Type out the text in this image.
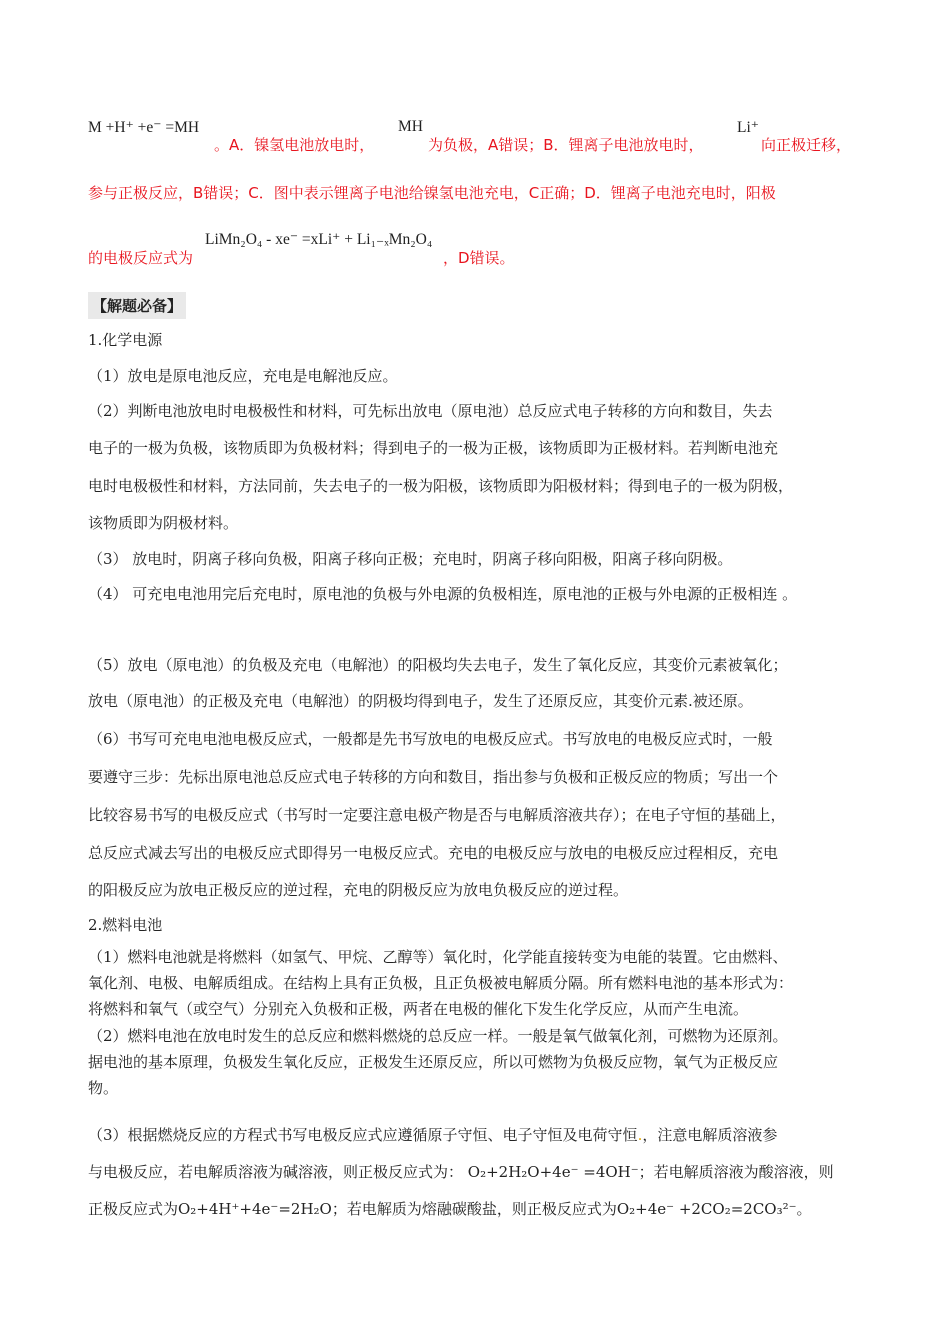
M +H⁺ +e⁻ =MH
。A．镍氢电池放电时，
MH
为负极，A错误；B．锂离子电池放电时，
Li⁺
向正极迁移，
参与正极反应，B错误；C．图中表示锂离子电池给镍氢电池充电，C正确；D．锂离子电池充电时，阳极
的电极反应式为
LiMn₂O₄ - xe⁻ =xLi⁺ + Li₁₋ₓMn₂O₄
，D错误。
【解题必备】
1.化学电源
（1）放电是原电池反应，充电是电解池反应。
（2）判断电池放电时电极极性和材料，可先标出放电（原电池）总反应式电子转移的方向和数目，失去
电子的一极为负极，该物质即为负极材料；得到电子的一极为正极，该物质即为正极材料。若判断电池充
电时电极极性和材料，方法同前，失去电子的一极为阳极，该物质即为阳极材料；得到电子的一极为阴极，
该物质即为阴极材料。
（3） 放电时，阴离子移向负极，阳离子移向正极；充电时，阴离子移向阳极，阳离子移向阴极。
（4） 可充电电池用完后充电时，原电池的负极与外电源的负极相连，原电池的正极与外电源的正极相连 。
（5）放电（原电池）的负极及充电（电解池）的阳极均失去电子，发生了氧化反应，其变价元素被氧化；
放电（原电池）的正极及充电（电解池）的阴极均得到电子，发生了还原反应，其变价元素.被还原。
（6）书写可充电电池电极反应式，一般都是先书写放电的电极反应式。书写放电的电极反应式时，一般
要遵守三步：先标出原电池总反应式电子转移的方向和数目，指出参与负极和正极反应的物质；写出一个
比较容易书写的电极反应式（书写时一定要注意电极产物是否与电解质溶液共存）；在电子守恒的基础上，
总反应式减去写出的电极反应式即得另一电极反应式。充电的电极反应与放电的电极反应过程相反，充电
的阳极反应为放电正极反应的逆过程，充电的阴极反应为放电负极反应的逆过程。
2.燃料电池
（1）燃料电池就是将燃料（如氢气、甲烷、乙醇等）氧化时，化学能直接转变为电能的装置。它由燃料、
氧化剂、电极、电解质组成。在结构上具有正负极，且正负极被电解质分隔。所有燃料电池的基本形式为：
将燃料和氧气（或空气）分别充入负极和正极，两者在电极的催化下发生化学反应，从而产生电流。
（2）燃料电池在放电时发生的总反应和燃料燃烧的总反应一样。一般是氧气做氧化剂，可燃物为还原剂。
据电池的基本原理，负极发生氧化反应，正极发生还原反应，所以可燃物为负极反应物，氧气为正极反应
物。
（3）根据燃烧反应的方程式书写电极反应式应遵循原子守恒、电子守恒及电荷守恒.，注意电解质溶液参
与电极反应，若电解质溶液为碱溶液，则正极反应式为： O₂+2H₂O+4e⁻ =4OH⁻；若电解质溶液为酸溶液，则
正极反应式为O₂+4H⁺+4e⁻=2H₂O；若电解质为熔融碳酸盐，则正极反应式为O₂+4e⁻ +2CO₂=2CO₃²⁻。
